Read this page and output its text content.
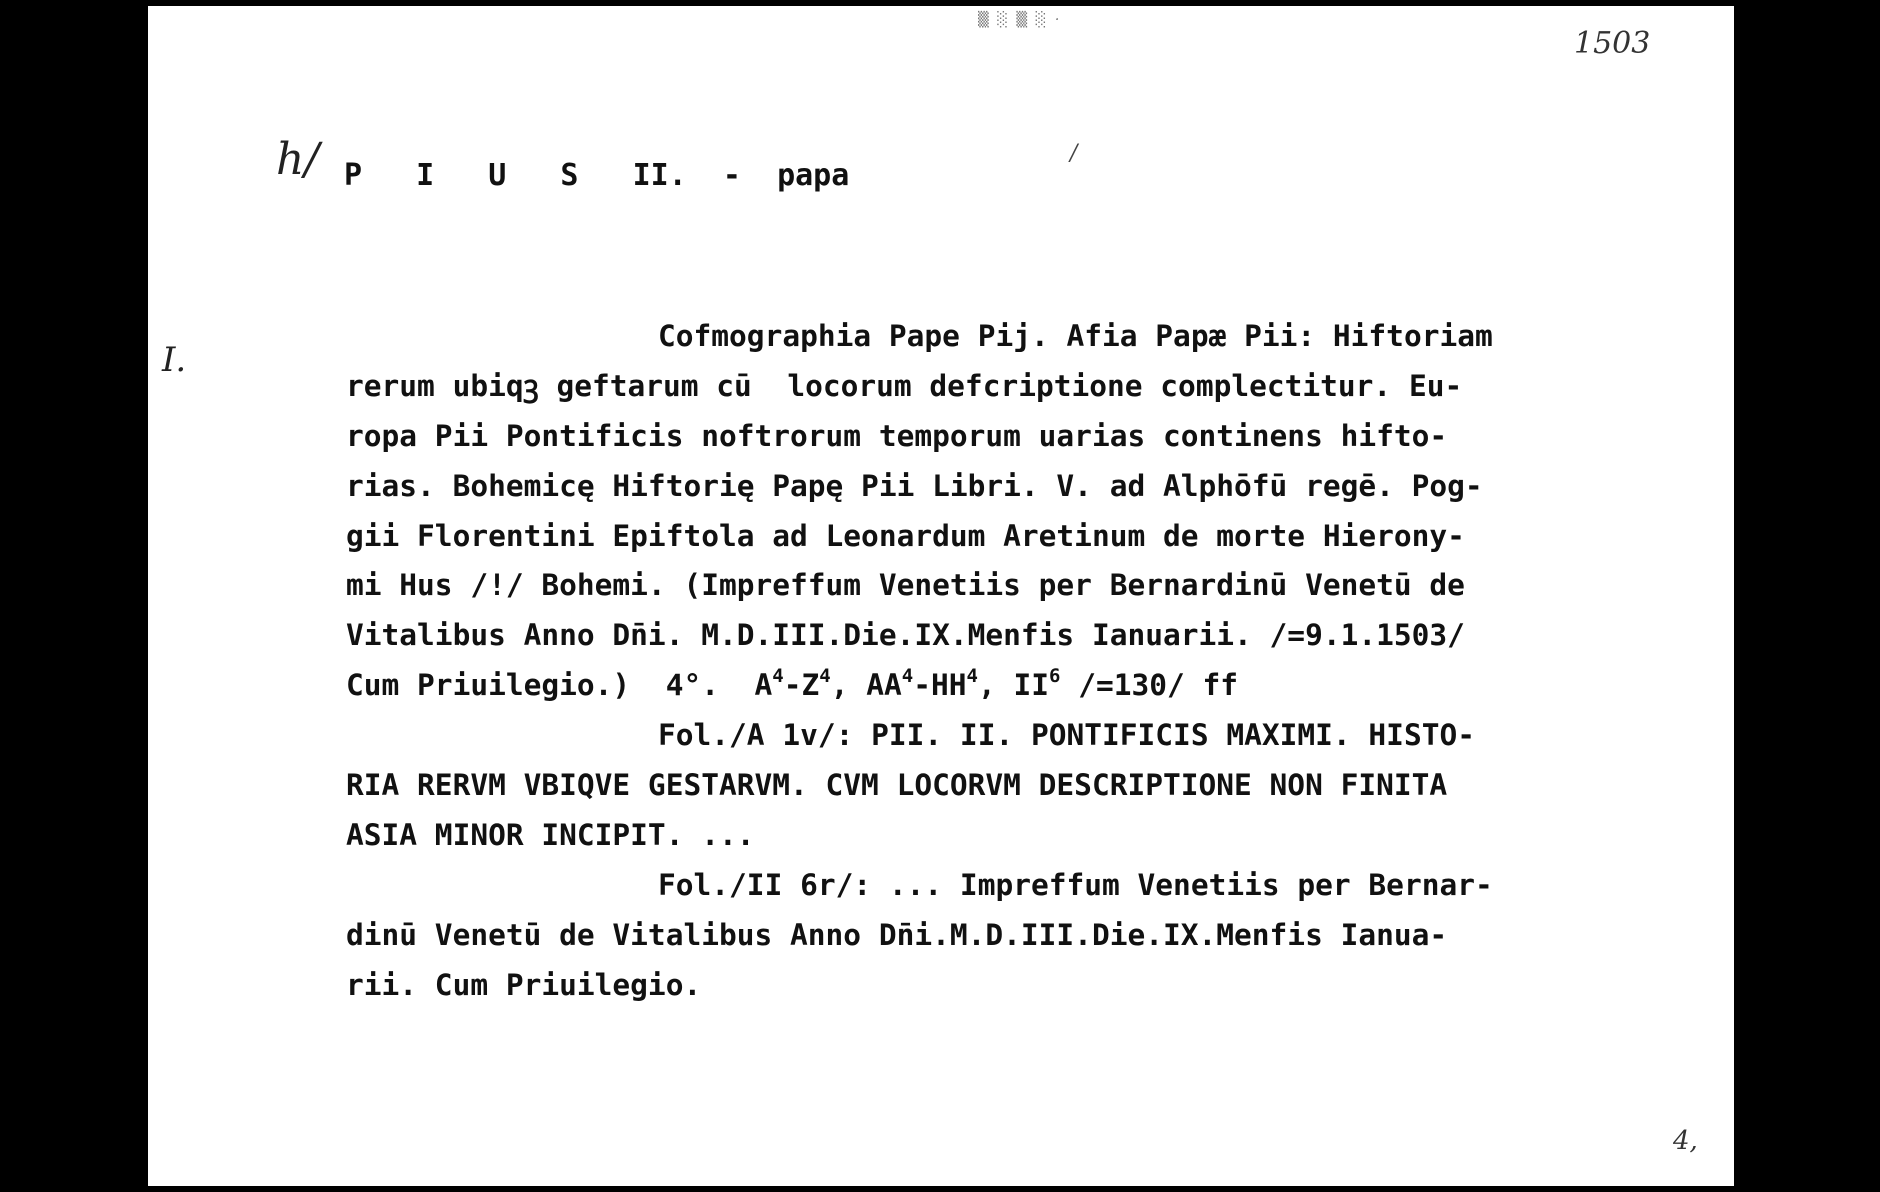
▒ ░ ▒ ░ ·
/
1503
h/
I.
P I U S II. - papa
Cofmographia Pape Pij. Afia Papæ Pii: Hiftoriam
rerum ubiqꝫ geftarum cū  locorum defcriptione complectitur. Eu-
ropa Pii Pontificis noftrorum temporum uarias continens hifto-
rias. Bohemicę Hiftorię Papę Pii Libri. V. ad Alphōfū regē. Pog-
gii Florentini Epiftola ad Leonardum Aretinum de morte Hierony-
mi Hus /!/ Bohemi. (Impreffum Venetiis per Bernardinū Venetū de
Vitalibus Anno Dn̄i. M.D.III.Die.IX.Menfis Ianuarii. /=9.1.1503/
Cum Priuilegio.)  4°.  $A^4-Z^4$, $AA^4-HH^4$, $II^6$ /=130/ ff
Fol./A 1v/: PII. II. PONTIFICIS MAXIMI. HISTO-
RIA RERVM VBIQVE GESTARVM. CVM LOCORVM DESCRIPTIONE NON FINITA
ASIA MINOR INCIPIT. ...
Fol./II 6r/: ... Impreffum Venetiis per Bernar-
dinū Venetū de Vitalibus Anno Dn̄i.M.D.III.Die.IX.Menfis Ianua-
rii. Cum Priuilegio.
4,
